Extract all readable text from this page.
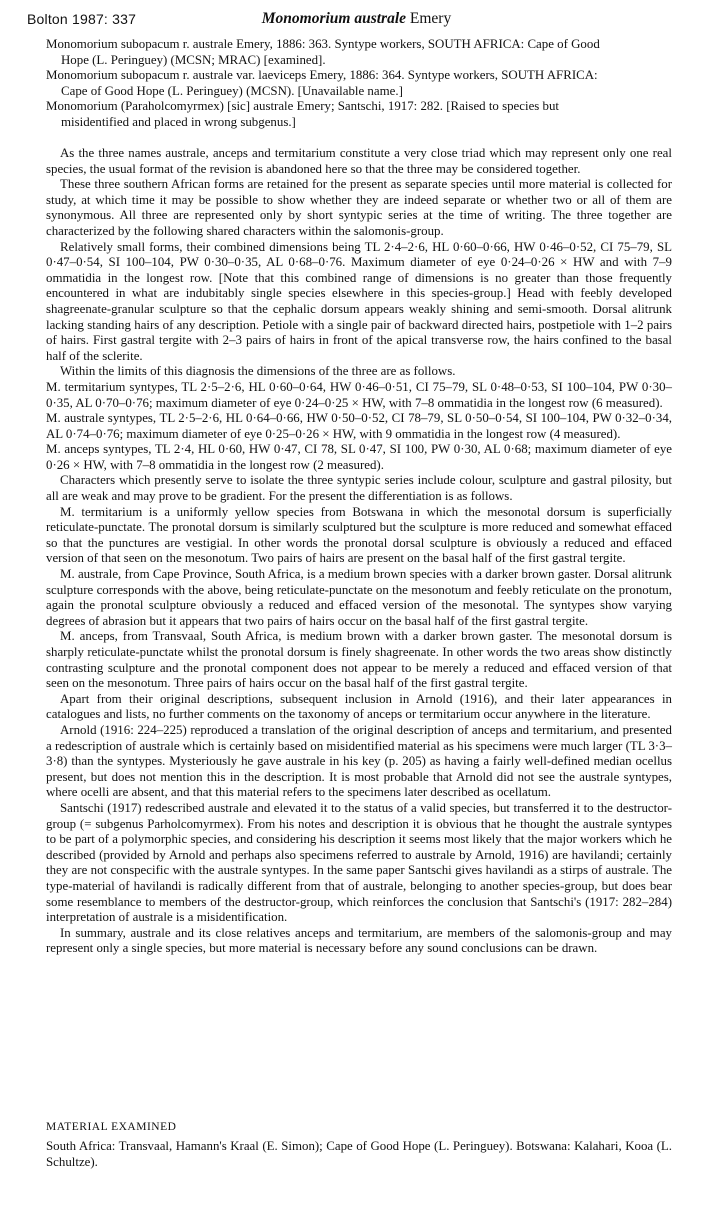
Bolton 1987: 337	Monomorium australe Emery
Monomorium subopacum r. australe Emery, 1886: 363. Syntype workers, SOUTH AFRICA: Cape of Good
Hope (L. Peringuey) (MCSN; MRAC) [examined].
Monomorium subopacum r. australe var. laeviceps Emery, 1886: 364. Syntype workers, SOUTH AFRICA:
Cape of Good Hope (L. Peringuey) (MCSN). [Unavailable name.]
Monomorium (Paraholcomyrmex) [sic] australe Emery; Santschi, 1917: 282. [Raised to species but
misidentified and placed in wrong subgenus.]

As the three names australe, anceps and termitarium constitute a very close triad which may represent only one real species, the usual format of the revision is abandoned here so that the three may be considered together.

These three southern African forms are retained for the present as separate species until more material is collected for study, at which time it may be possible to show whether they are indeed separate or whether two or all of them are synonymous. All three are represented only by short syntypic series at the time of writing. The three together are characterized by the following shared characters within the salomonis-group.

Relatively small forms, their combined dimensions being TL 2·4–2·6, HL 0·60–0·66, HW 0·46–0·52, CI 75–79, SL 0·47–0·54, SI 100–104, PW 0·30–0·35, AL 0·68–0·76. Maximum diameter of eye 0·24–0·26 × HW and with 7–9 ommatidia in the longest row. [Note that this combined range of dimensions is no greater than those frequently encountered in what are indubitably single species elsewhere in this species-group.] Head with feebly developed shagreenate-granular sculpture so that the cephalic dorsum appears weakly shining and semi-smooth. Dorsal alitrunk lacking standing hairs of any description. Petiole with a single pair of backward directed hairs, postpetiole with 1–2 pairs of hairs. First gastral tergite with 2–3 pairs of hairs in front of the apical transverse row, the hairs confined to the basal half of the sclerite.

Within the limits of this diagnosis the dimensions of the three are as follows.

M. termitarium syntypes, TL 2·5–2·6, HL 0·60–0·64, HW 0·46–0·51, CI 75–79, SL 0·48–0·53, SI 100–104, PW 0·30–0·35, AL 0·70–0·76; maximum diameter of eye 0·24–0·25 × HW, with 7–8 ommatidia in the longest row (6 measured).

M. australe syntypes, TL 2·5–2·6, HL 0·64–0·66, HW 0·50–0·52, CI 78–79, SL 0·50–0·54, SI 100–104, PW 0·32–0·34, AL 0·74–0·76; maximum diameter of eye 0·25–0·26 × HW, with 9 ommatidia in the longest row (4 measured).

M. anceps syntypes, TL 2·4, HL 0·60, HW 0·47, CI 78, SL 0·47, SI 100, PW 0·30, AL 0·68; maximum diameter of eye 0·26 × HW, with 7–8 ommatidia in the longest row (2 measured).

Characters which presently serve to isolate the three syntypic series include colour, sculpture and gastral pilosity, but all are weak and may prove to be gradient. For the present the differentiation is as follows.

M. termitarium is a uniformly yellow species from Botswana in which the mesonotal dorsum is superficially reticulate-punctate. The pronotal dorsum is similarly sculptured but the sculpture is more reduced and somewhat effaced so that the punctures are vestigial. In other words the pronotal dorsal sculpture is obviously a reduced and effaced version of that seen on the mesonotum. Two pairs of hairs are present on the basal half of the first gastral tergite.

M. australe, from Cape Province, South Africa, is a medium brown species with a darker brown gaster. Dorsal alitrunk sculpture corresponds with the above, being reticulate-punctate on the mesonotum and feebly reticulate on the pronotum, again the pronotal sculpture obviously a reduced and effaced version of the mesonotal. The syntypes show varying degrees of abrasion but it appears that two pairs of hairs occur on the basal half of the first gastral tergite.

M. anceps, from Transvaal, South Africa, is medium brown with a darker brown gaster. The mesonotal dorsum is sharply reticulate-punctate whilst the pronotal dorsum is finely shagreenate. In other words the two areas show distinctly contrasting sculpture and the pronotal component does not appear to be merely a reduced and effaced version of that seen on the mesonotum. Three pairs of hairs occur on the basal half of the first gastral tergite.

Apart from their original descriptions, subsequent inclusion in Arnold (1916), and their later appearances in catalogues and lists, no further comments on the taxonomy of anceps or termitarium occur anywhere in the literature.

Arnold (1916: 224–225) reproduced a translation of the original description of anceps and termitarium, and presented a redescription of australe which is certainly based on misidentified material as his specimens were much larger (TL 3·3–3·8) than the syntypes. Mysteriously he gave australe in his key (p. 205) as having a fairly well-defined median ocellus present, but does not mention this in the description. It is most probable that Arnold did not see the australe syntypes, where ocelli are absent, and that this material refers to the specimens later described as ocellatum.

Santschi (1917) redescribed australe and elevated it to the status of a valid species, but transferred it to the destructor-group (= subgenus Parholcomyrmex). From his notes and description it is obvious that he thought the australe syntypes to be part of a polymorphic species, and considering his description it seems most likely that the major workers which he described (provided by Arnold and perhaps also specimens referred to australe by Arnold, 1916) are havilandi; certainly they are not conspecific with the australe syntypes. In the same paper Santschi gives havilandi as a stirps of australe. The type-material of havilandi is radically different from that of australe, belonging to another species-group, but does bear some resemblance to members of the destructor-group, which reinforces the conclusion that Santschi's (1917: 282–284) interpretation of australe is a misidentification.

In summary, australe and its close relatives anceps and termitarium, are members of the salomonis-group and may represent only a single species, but more material is necessary before any sound conclusions can be drawn.

MATERIAL EXAMINED
South Africa: Transvaal, Hamann's Kraal (E. Simon); Cape of Good Hope (L. Peringuey). Botswana: Kalahari, Kooa (L. Schultze).
